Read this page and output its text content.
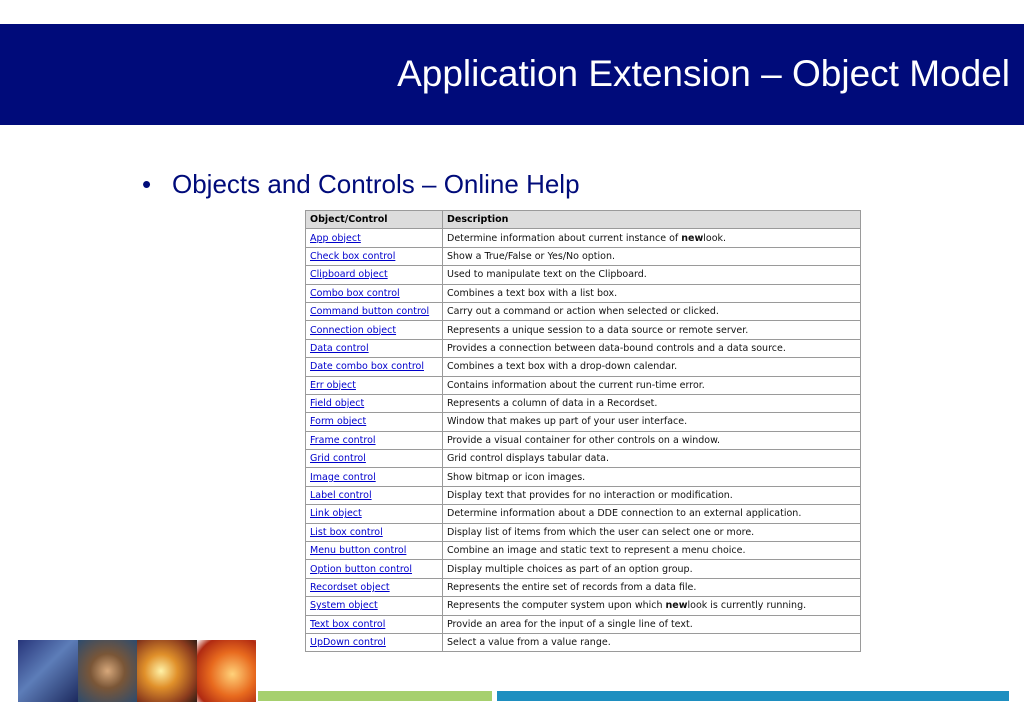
Application Extension – Object Model
• Objects and Controls – Online Help
Object/Control	Description
App object	Determine information about current instance of newlook.
Check box control	Show a True/False or Yes/No option.
Clipboard object	Used to manipulate text on the Clipboard.
Combo box control	Combines a text box with a list box.
Command button control	Carry out a command or action when selected or clicked.
Connection object	Represents a unique session to a data source or remote server.
Data control	Provides a connection between data-bound controls and a data source.
Date combo box control	Combines a text box with a drop-down calendar.
Err object	Contains information about the current run-time error.
Field object	Represents a column of data in a Recordset.
Form object	Window that makes up part of your user interface.
Frame control	Provide a visual container for other controls on a window.
Grid control	Grid control displays tabular data.
Image control	Show bitmap or icon images.
Label control	Display text that provides for no interaction or modification.
Link object	Determine information about a DDE connection to an external application.
List box control	Display list of items from which the user can select one or more.
Menu button control	Combine an image and static text to represent a menu choice.
Option button control	Display multiple choices as part of an option group.
Recordset object	Represents the entire set of records from a data file.
System object	Represents the computer system upon which newlook is currently running.
Text box control	Provide an area for the input of a single line of text.
UpDown control	Select a value from a value range.
